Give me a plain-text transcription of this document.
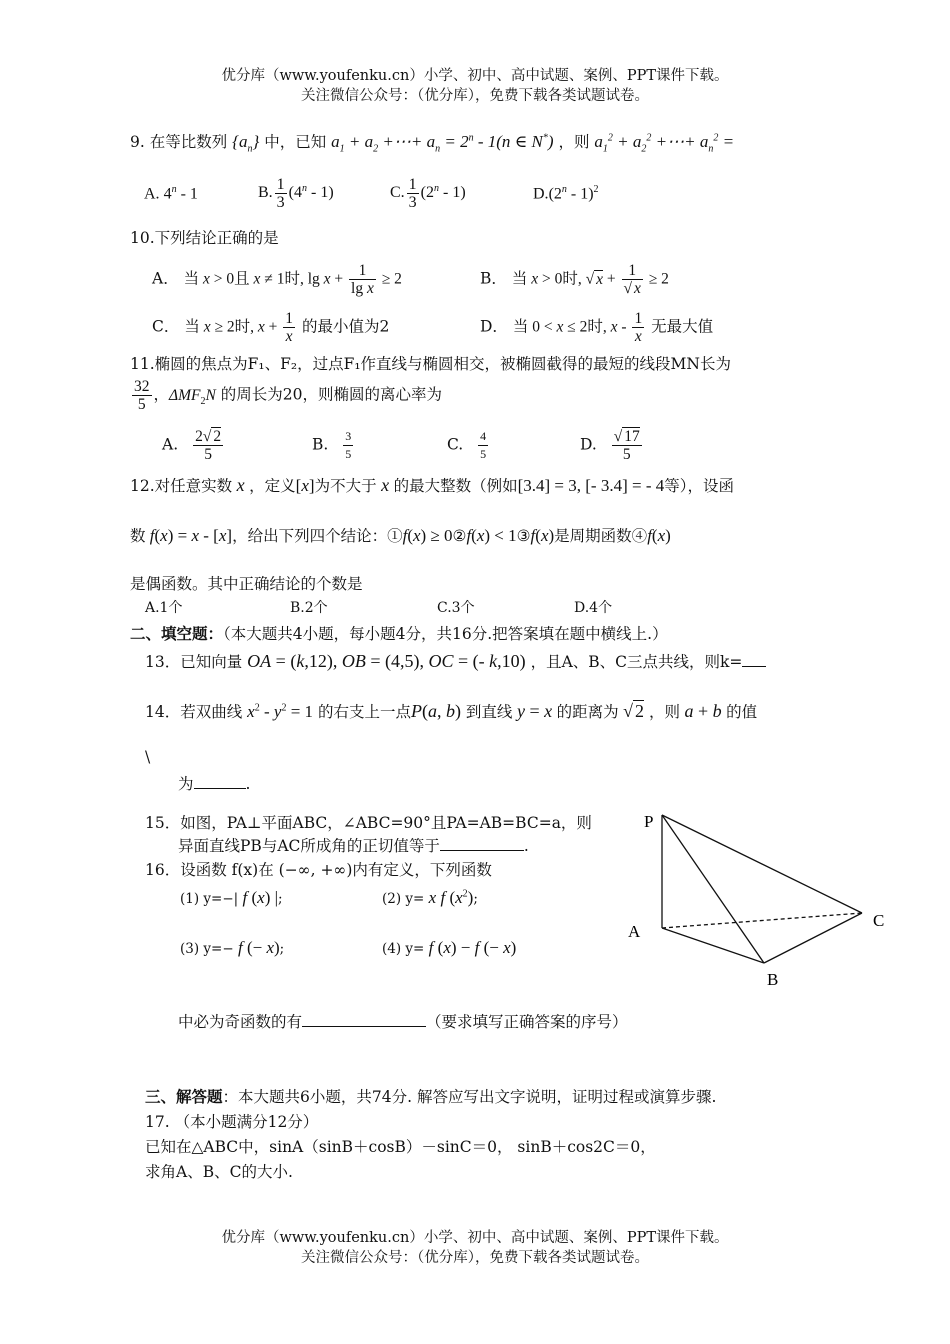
优分库（www.youfenku.cn）小学、初中、高中试题、案例、PPT课件下载。
关注微信公众号：（优分库），免费下载各类试题试卷。
9. 在等比数列 $\{a_n\}$ 中，已知 $a_1 + a_2$ +⋯+ $a_n = 2^n - 1(n$ ∈ N*) ，则 $a_1^2 + a_2^2$ +⋯+ $a_n^2$ =
A. 4$^n$ - 1	B. $\frac{1}{3} (4^n - 1)$	C. $\frac{1}{3} (2^n - 1)$	D.(2$^n$ - 1)$^2$
10.下列结论正确的是
A． 当 x > 0且 x ≠ 1时, $\lg x + \frac{1}{\text{lg x}} \ge 2$	B． 当 x > 0时, √ $x + \frac{1}{√ x} \ge 2$
C． 当 x ≥ 2时, $x + \frac{1}{x}$ 的最小值为2	D． 当 0 < x ≤ 2时, x - $\frac{1}{x}$ 无最大值
11.椭圆的焦点为F₁、F₂，过点F₁作直线与椭圆相交，被椭圆截得的最短的线段MN长为
$\frac{32}{5}$ ，$\Delta MF_2N$ 的周长为20，则椭圆的离心率为
A. $\frac{2√ 2}{5}$	B. $\frac{3}{5}$	C. $\frac{4}{5}$	D. $\frac{√ 17}{5}$
12.对任意实数 x ，定义[x]为不大于 x 的最大整数（例如[3.4] = 3, [- 3.4] = - 4等），设函
数 f(x) = x - [x]，给出下列四个结论：①f(x) ≥ 0②f(x) < 1③f(x)是周期函数④f(x)
是偶函数。其中正确结论的个数是
A.1个	B.2个	C.3个	D.4个
二、填空题：（本大题共4小题，每小题4分，共16分.把答案填在题中横线上.）
13．已知向量 OA = (k,12), OB = (4,5), OC = (- k,10) ，且A、B、C三点共线，则k=
14．若双曲线 $x^2 - y^2 = 1$ 的右支上一点P(a, b) 到直线 y = x 的距离为 √ 2 ，则 a + b 的值
\
为	.
15．如图，PA⊥平面ABC，∠ABC=90°且PA=AB=BC=a，则
异面直线PB与AC所成角的正切值等于	.
16．设函数 f(x)在 (−∞, +∞)内有定义，下列函数
(1) y=−| f (x) |;	(2) y= x f $(x^2)$;
(3) y=− f (− x);	(4) y= f (x) − f (− x)
中必为奇函数的有	（要求填写正确答案的序号）
P
A
B
C
三、解答题：本大题共6小题，共74分. 解答应写出文字说明，证明过程或演算步骤.
17. （本小题满分12分）
已知在△ABC中，sinA（sinB＋cosB）－sinC＝0， sinB＋cos2C＝0，
求角A、B、C的大小.
优分库（www.youfenku.cn）小学、初中、高中试题、案例、PPT课件下载。
关注微信公众号：（优分库），免费下载各类试题试卷。
